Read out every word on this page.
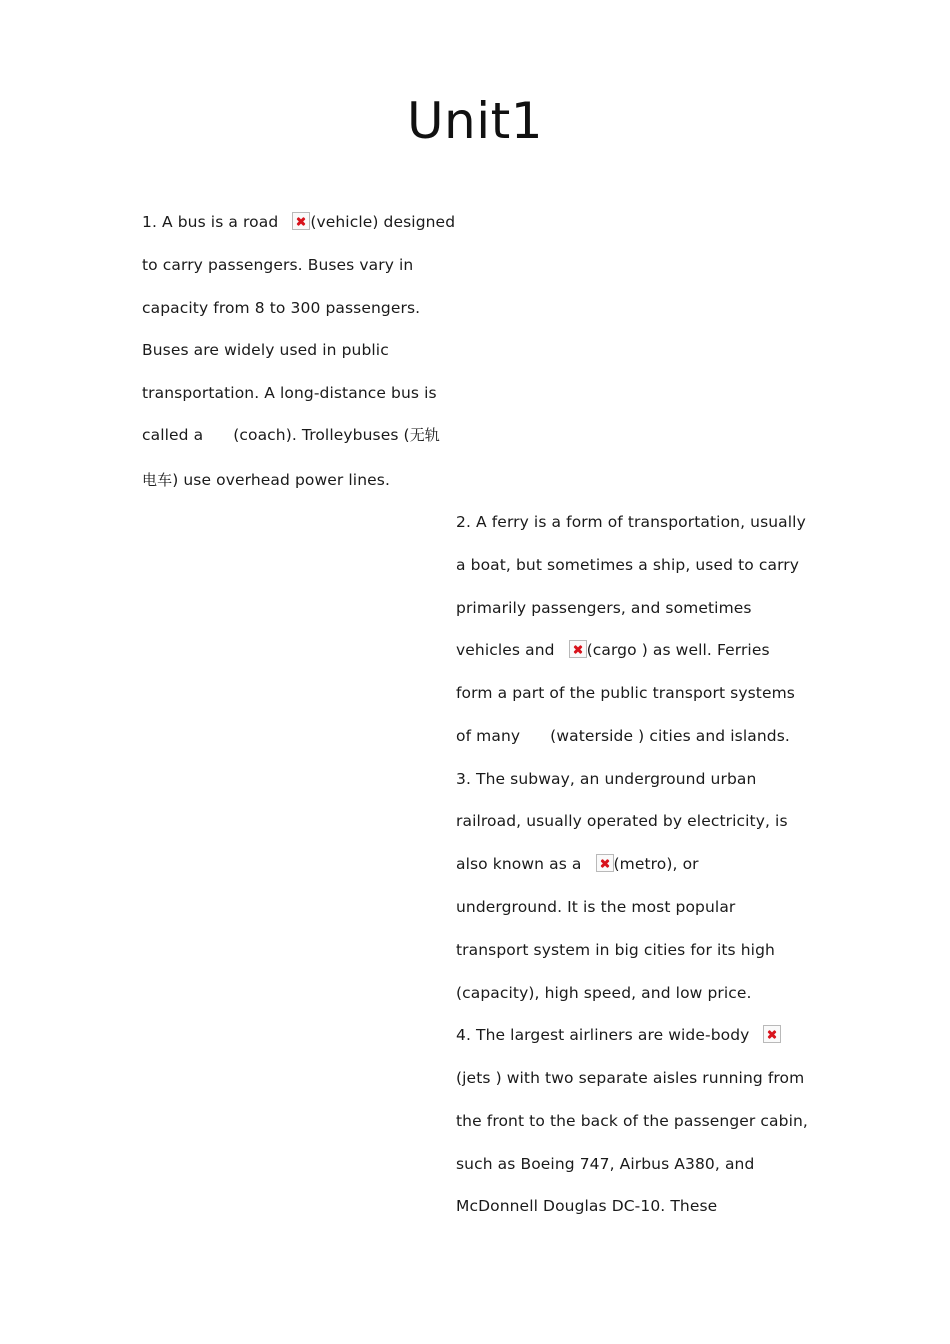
Unit1
1. A bus is a road (vehicle) designed
to carry passengers. Buses vary in
capacity from 8 to 300 passengers.
Buses are widely used in public
transportation. A long-distance bus is
called a (coach). Trolleybuses (无轨
电车) use overhead power lines.
2. A ferry is a form of transportation, usually
a boat, but sometimes a ship, used to carry
primarily passengers, and sometimes
vehicles and (cargo ) as well. Ferries
form a part of the public transport systems
of many (waterside ) cities and islands.
3. The subway, an underground urban
railroad, usually operated by electricity, is
also known as a (metro), or
underground. It is the most popular
transport system in big cities for its high
(capacity), high speed, and low price.
4. The largest airliners are wide-body
(jets ) with two separate aisles running from
the front to the back of the passenger cabin,
such as Boeing 747, Airbus A380, and
McDonnell Douglas DC-10. These
